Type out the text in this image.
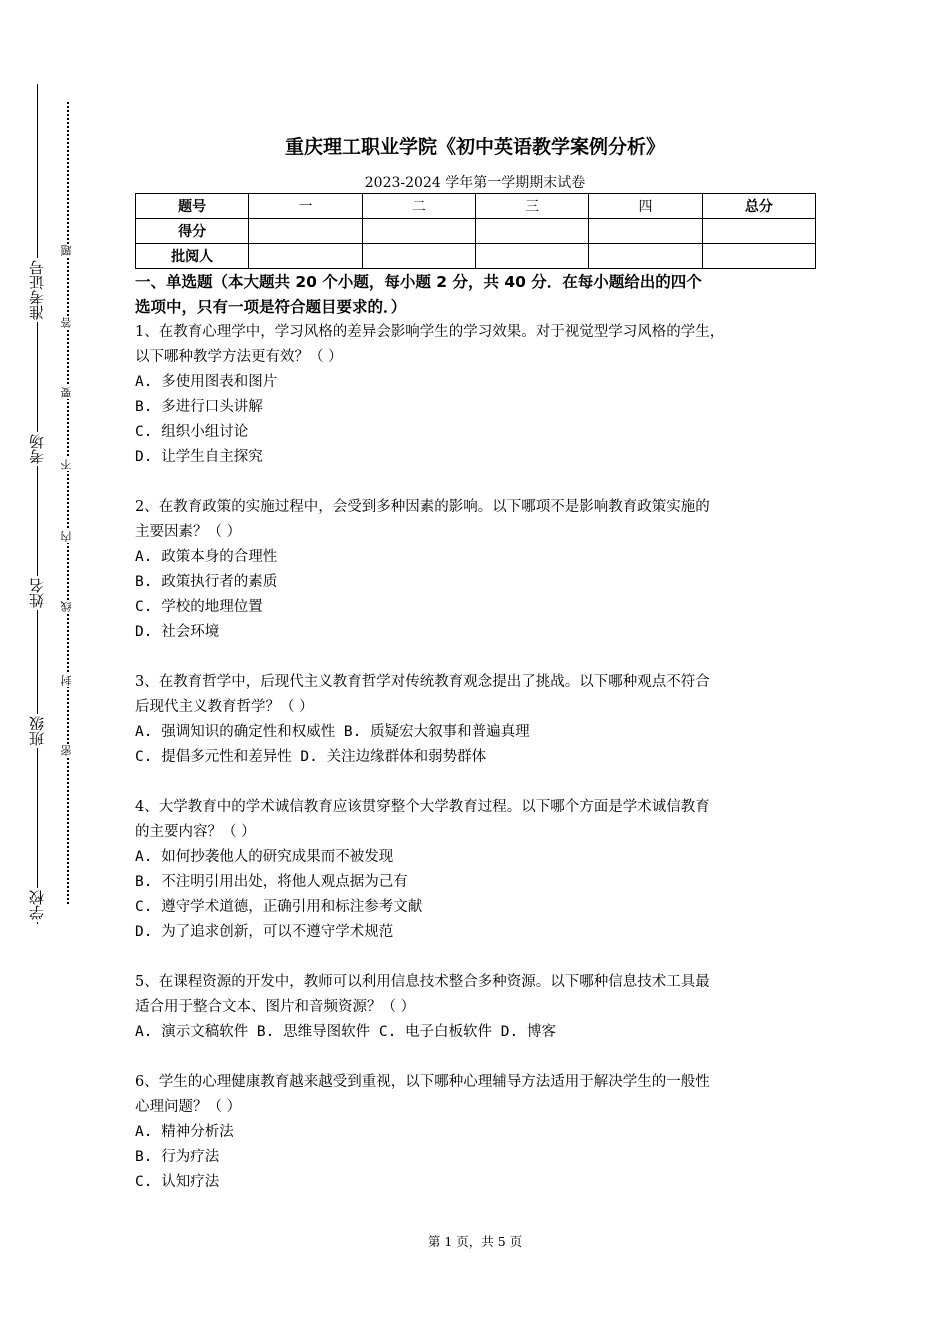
准考证号
考场
姓名
班级
学校
题
答
要
不
内
线
封
密
重庆理工职业学院《初中英语教学案例分析》
2023-2024 学年第一学期期末试卷
题号	一	二	三	四	总分
得分					
批阅人					
一、单选题（本大题共 20 个小题，每小题 2 分，共 40 分．在每小题给出的四个
选项中，只有一项是符合题目要求的．）
1、在教育心理学中，学习风格的差异会影响学生的学习效果。对于视觉型学习风格的学生，
以下哪种教学方法更有效？（ ）
A. 多使用图表和图片
B. 多进行口头讲解
C. 组织小组讨论
D. 让学生自主探究
2、在教育政策的实施过程中，会受到多种因素的影响。以下哪项不是影响教育政策实施的
主要因素？（ ）
A. 政策本身的合理性
B. 政策执行者的素质
C. 学校的地理位置
D. 社会环境
3、在教育哲学中，后现代主义教育哲学对传统教育观念提出了挑战。以下哪种观点不符合
后现代主义教育哲学？（ ）
A. 强调知识的确定性和权威性 B. 质疑宏大叙事和普遍真理
C. 提倡多元性和差异性 D. 关注边缘群体和弱势群体
4、大学教育中的学术诚信教育应该贯穿整个大学教育过程。以下哪个方面是学术诚信教育
的主要内容？（ ）
A. 如何抄袭他人的研究成果而不被发现
B. 不注明引用出处，将他人观点据为己有
C. 遵守学术道德，正确引用和标注参考文献
D. 为了追求创新，可以不遵守学术规范
5、在课程资源的开发中，教师可以利用信息技术整合多种资源。以下哪种信息技术工具最
适合用于整合文本、图片和音频资源？（ ）
A. 演示文稿软件 B. 思维导图软件 C. 电子白板软件 D. 博客
6、学生的心理健康教育越来越受到重视，以下哪种心理辅导方法适用于解决学生的一般性
心理问题？（ ）
A. 精神分析法
B. 行为疗法
C. 认知疗法
第 1 页，共 5 页
